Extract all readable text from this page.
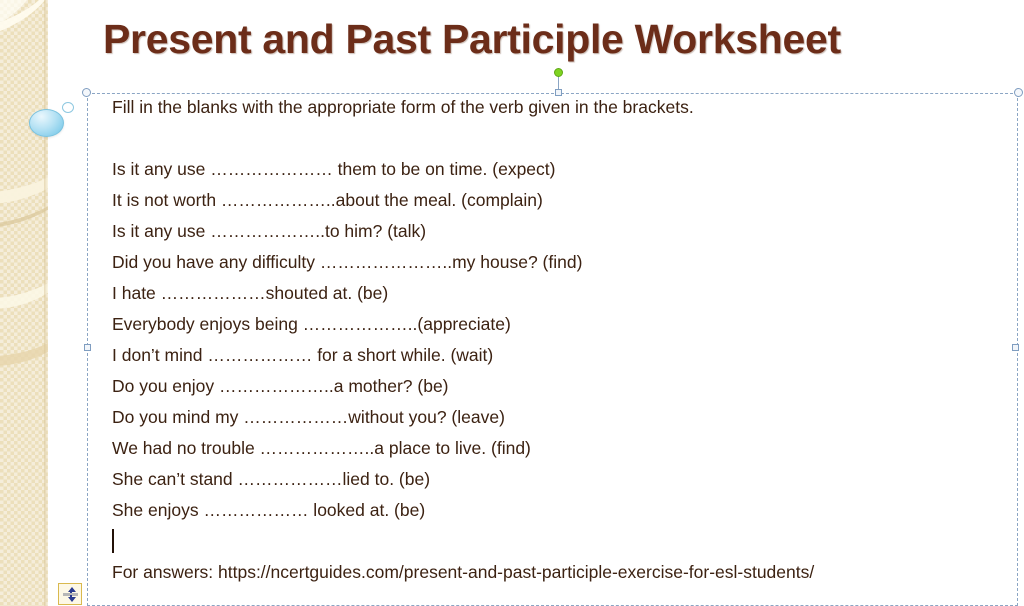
Present and Past Participle Worksheet
Fill in the blanks with the appropriate form of the verb given in the brackets.
Is it any use ………………… them to be on time. (expect)
It is not worth ………………..about the meal. (complain)
Is it any use ………………..to him? (talk)
Did you have any difficulty …………………..my house? (find)
I hate ………………shouted at. (be)
Everybody enjoys being ………………..(appreciate)
I don’t mind ……………… for a short while. (wait)
Do you enjoy ………………..a mother? (be)
Do you mind my ………………without you? (leave)
We had no trouble ………………..a place to live. (find)
She can’t stand ………………lied to. (be)
She enjoys ……………… looked at. (be)
For answers: https://ncertguides.com/present-and-past-participle-exercise-for-esl-students/
